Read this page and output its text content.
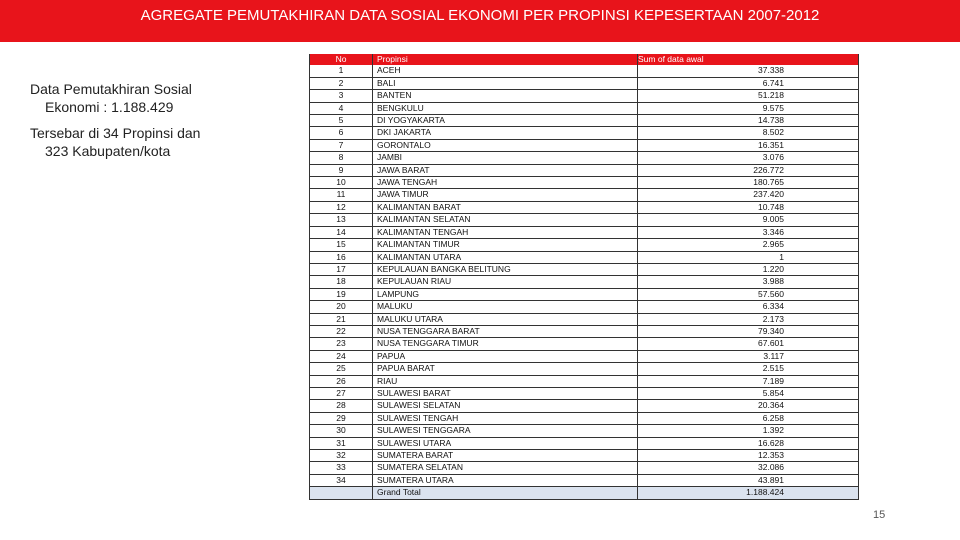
AGREGATE PEMUTAKHIRAN DATA SOSIAL EKONOMI PER PROPINSI KEPESERTAAN 2007-2012
Data Pemutakhiran Sosial
Ekonomi : 1.188.429
Tersebar di 34 Propinsi dan
323 Kabupaten/kota
No	Propinsi	Sum of data awal
1	ACEH	37.338
2	BALI	6.741
3	BANTEN	51.218
4	BENGKULU	9.575
5	DI YOGYAKARTA	14.738
6	DKI JAKARTA	8.502
7	GORONTALO	16.351
8	JAMBI	3.076
9	JAWA BARAT	226.772
10	JAWA TENGAH	180.765
11	JAWA TIMUR	237.420
12	KALIMANTAN BARAT	10.748
13	KALIMANTAN SELATAN	9.005
14	KALIMANTAN TENGAH	3.346
15	KALIMANTAN TIMUR	2.965
16	KALIMANTAN UTARA	1
17	KEPULAUAN BANGKA BELITUNG	1.220
18	KEPULAUAN RIAU	3.988
19	LAMPUNG	57.560
20	MALUKU	6.334
21	MALUKU UTARA	2.173
22	NUSA TENGGARA BARAT	79.340
23	NUSA TENGGARA TIMUR	67.601
24	PAPUA	3.117
25	PAPUA BARAT	2.515
26	RIAU	7.189
27	SULAWESI BARAT	5.854
28	SULAWESI SELATAN	20.364
29	SULAWESI TENGAH	6.258
30	SULAWESI TENGGARA	1.392
31	SULAWESI UTARA	16.628
32	SUMATERA BARAT	12.353
33	SUMATERA SELATAN	32.086
34	SUMATERA UTARA	43.891
	Grand Total	1.188.424
15
